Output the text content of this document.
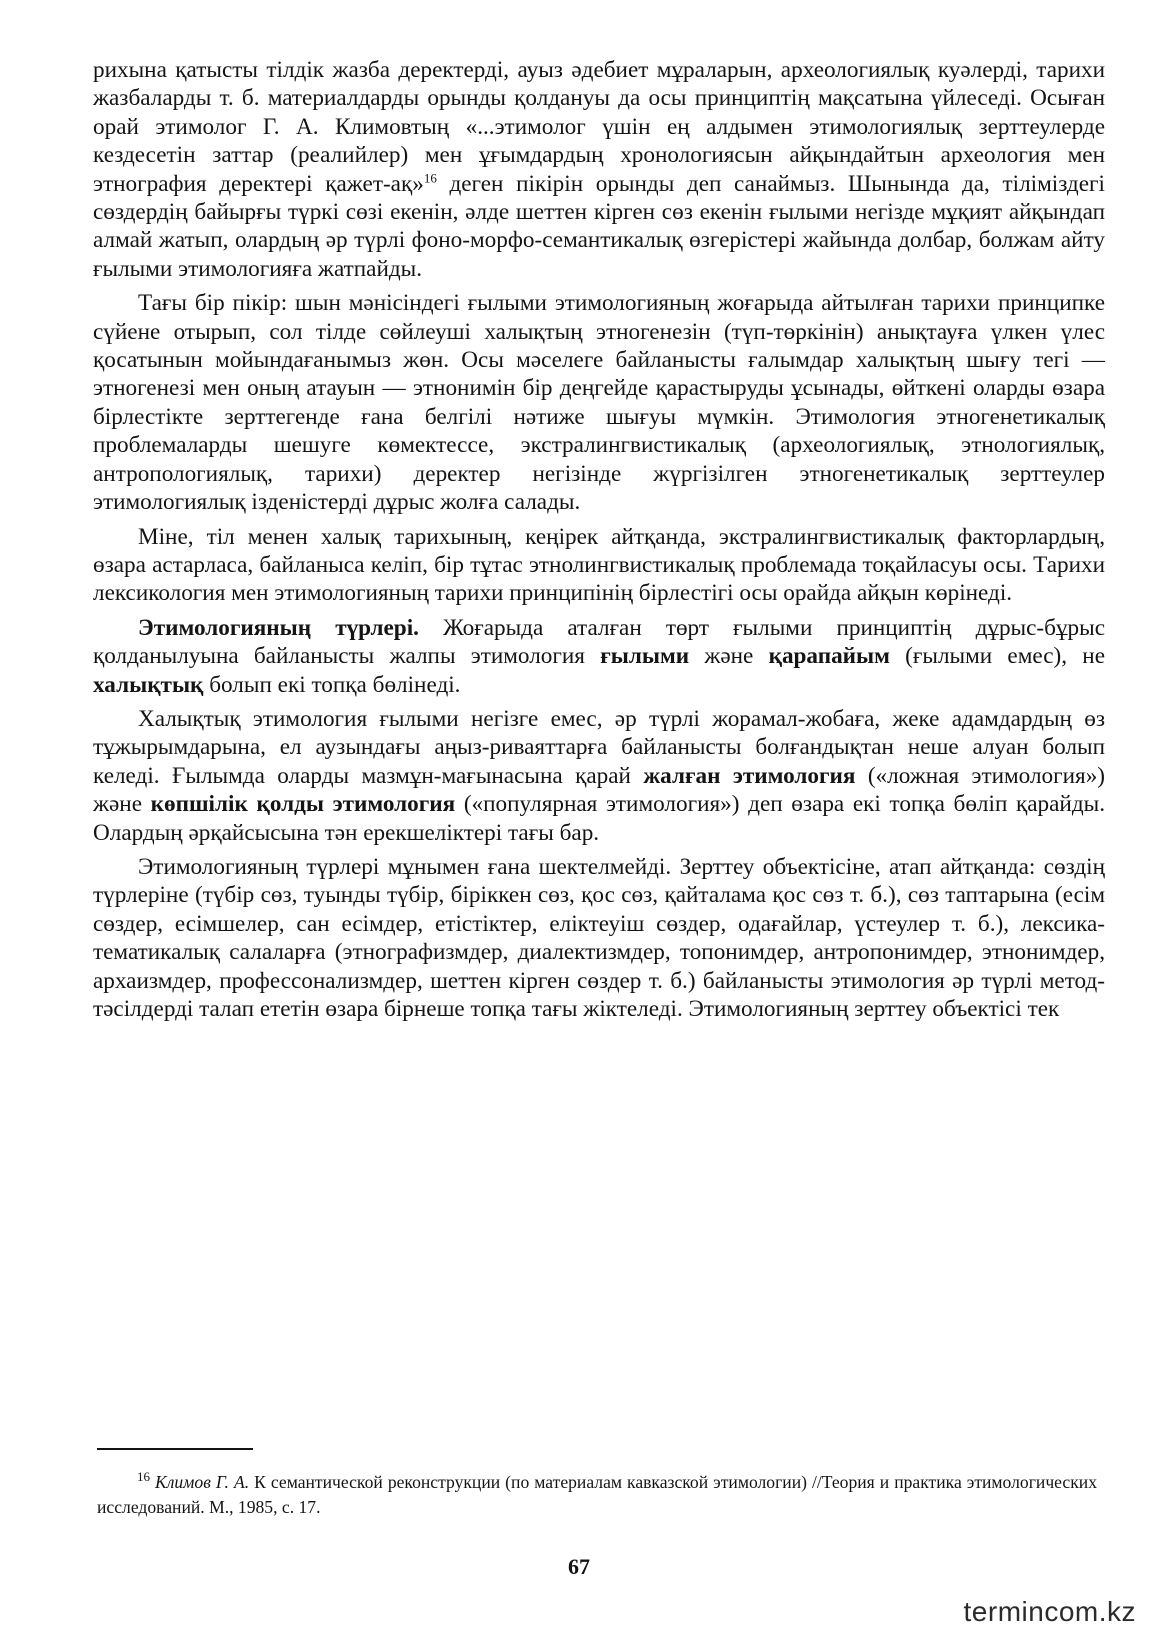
рихына қатысты тілдік жазба деректерді, ауыз әдебиет мұраларын, археологиялық куәлерді, тарихи жазбаларды т. б. материалдарды орынды қолдануы да осы принциптің мақсатына үйлеседі. Осыған орай этимолог Г. А. Климовтың «...этимолог үшін ең алдымен этимологиялық зерттеулерде кездесетін заттар (реалийлер) мен ұғымдардың хронологиясын айқындайтын археология мен этнография деректері қажет-ақ»$^{16}$ деген пікірін орынды деп санаймыз. Шынында да, тіліміздегі сөздердің байырғы түркі сөзі екенін, әлде шеттен кірген сөз екенін ғылыми негізде мұқият айқындап алмай жатып, олардың әр түрлі фоно-морфо-семантикалық өзгерістері жайында долбар, болжам айту ғылыми этимологияға жатпайды.

Тағы бір пікір: шын мәнісіндегі ғылыми этимологияның жоғарыда айтылған тарихи принципке сүйене отырып, сол тілде сөйлеуші халықтың этногенезін (түп-төркінін) анықтауға үлкен үлес қосатынын мойындағанымыз жөн. Осы мәселеге байланысты ғалымдар халықтың шығу тегі — этногенезі мен оның атауын — этнонимін бір деңгейде қарастыруды ұсынады, өйткені оларды өзара бірлестікте зерттегенде ғана белгілі нәтиже шығуы мүмкін. Этимология этногенетикалық проблемаларды шешуге көмектессе, экстралингвистикалық (археологиялық, этнологиялық, антропологиялық, тарихи) деректер негізінде жүргізілген этногенетикалық зерттеулер этимологиялық ізденістерді дұрыс жолға салады.

Міне, тіл менен халық тарихының, кеңірек айтқанда, экстралингвистикалық факторлардың, өзара астарласа, байланыса келіп, бір тұтас этнолингвистикалық проблемада тоқайласуы осы. Тарихи лексикология мен этимологияның тарихи принципінің бірлестігі осы орайда айқын көрінеді.

Этимологияның түрлері. Жоғарыда аталған төрт ғылыми принциптің дұрыс-бұрыс қолданылуына байланысты жалпы этимология ғылыми және қарапайым (ғылыми емес), не халықтық болып екі топқа бөлінеді.

Халықтық этимология ғылыми негізге емес, әр түрлі жорамал-жобаға, жеке адамдардың өз тұжырымдарына, ел аузындағы аңыз-риваяттарға байланысты болғандықтан неше алуан болып келеді. Ғылымда оларды мазмұн-мағынасына қарай жалған этимология («ложная этимология») және көпшілік қолды этимология («популярная этимология») деп өзара екі топқа бөліп қарайды. Олардың әрқайсысына тән ерекшеліктері тағы бар.

Этимологияның түрлері мұнымен ғана шектелмейді. Зерттеу объектісіне, атап айтқанда: сөздің түрлеріне (түбір сөз, туынды түбір, біріккен сөз, қос сөз, қайталама қос сөз т. б.), сөз таптарына (есім сөздер, есімшелер, сан есімдер, етістіктер, еліктеуіш сөздер, одағайлар, үстеулер т. б.), лексика-тематикалық салаларға (этнографизмдер, диалектизмдер, топонимдер, антропонимдер, этнонимдер, архаизмдер, профессонализмдер, шеттен кірген сөздер т. б.) байланысты этимология әр түрлі метод-тәсілдерді талап ететін өзара бірнеше топқа тағы жіктеледі. Этимологияның зерттеу объектісі тек

$^{16}$ Климов Г. А. К семантической реконструкции (по материалам кавказской этимологии) //Теория и практика этимологических исследований. М., 1985, с. 17.
67
termincom.kz
